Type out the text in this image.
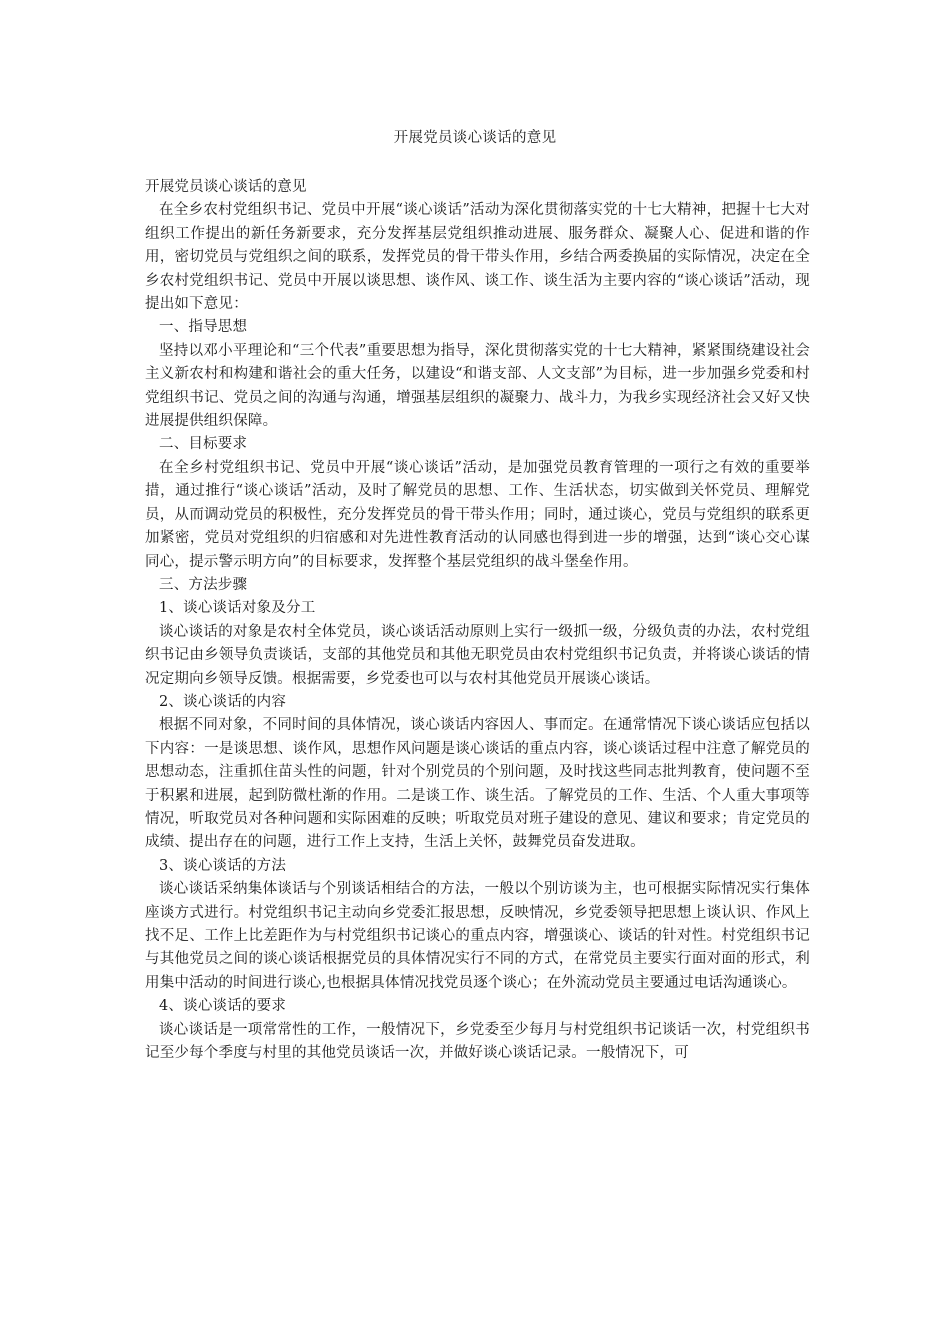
开展党员谈心谈话的意见

开展党员谈心谈话的意见

在全乡农村党组织书记、党员中开展“谈心谈话”活动为深化贯彻落实党的十七大精神，把握十七大对组织工作提出的新任务新要求，充分发挥基层党组织推动进展、服务群众、凝聚人心、促进和谐的作用，密切党员与党组织之间的联系，发挥党员的骨干带头作用，乡结合两委换届的实际情况，决定在全乡农村党组织书记、党员中开展以谈思想、谈作风、谈工作、谈生活为主要内容的“谈心谈话”活动，现提出如下意见：

一、指导思想

坚持以邓小平理论和“三个代表”重要思想为指导，深化贯彻落实党的十七大精神，紧紧围绕建设社会主义新农村和构建和谐社会的重大任务，以建设“和谐支部、人文支部”为目标，进一步加强乡党委和村党组织书记、党员之间的沟通与沟通，增强基层组织的凝聚力、战斗力，为我乡实现经济社会又好又快进展提供组织保障。

二、目标要求

在全乡村党组织书记、党员中开展“谈心谈话”活动，是加强党员教育管理的一项行之有效的重要举措，通过推行“谈心谈话”活动，及时了解党员的思想、工作、生活状态，切实做到关怀党员、理解党员，从而调动党员的积极性，充分发挥党员的骨干带头作用；同时，通过谈心，党员与党组织的联系更加紧密，党员对党组织的归宿感和对先进性教育活动的认同感也得到进一步的增强，达到“谈心交心谋同心，提示警示明方向”的目标要求，发挥整个基层党组织的战斗堡垒作用。

三、方法步骤

1、谈心谈话对象及分工

谈心谈话的对象是农村全体党员，谈心谈话活动原则上实行一级抓一级，分级负责的办法，农村党组织书记由乡领导负责谈话，支部的其他党员和其他无职党员由农村党组织书记负责，并将谈心谈话的情况定期向乡领导反馈。根据需要，乡党委也可以与农村其他党员开展谈心谈话。

2、谈心谈话的内容

根据不同对象，不同时间的具体情况，谈心谈话内容因人、事而定。在通常情况下谈心谈话应包括以下内容：一是谈思想、谈作风，思想作风问题是谈心谈话的重点内容，谈心谈话过程中注意了解党员的思想动态，注重抓住苗头性的问题，针对个别党员的个别问题，及时找这些同志批判教育，使问题不至于积累和进展，起到防微杜渐的作用。二是谈工作、谈生活。了解党员的工作、生活、个人重大事项等情况，听取党员对各种问题和实际困难的反映；听取党员对班子建设的意见、建议和要求；肯定党员的成绩、提出存在的问题，进行工作上支持，生活上关怀，鼓舞党员奋发进取。

3、谈心谈话的方法

谈心谈话采纳集体谈话与个别谈话相结合的方法，一般以个别访谈为主，也可根据实际情况实行集体座谈方式进行。村党组织书记主动向乡党委汇报思想，反映情况，乡党委领导把思想上谈认识、作风上找不足、工作上比差距作为与村党组织书记谈心的重点内容，增强谈心、谈话的针对性。村党组织书记与其他党员之间的谈心谈话根据党员的具体情况实行不同的方式，在常党员主要实行面对面的形式，利用集中活动的时间进行谈心,也根据具体情况找党员逐个谈心；在外流动党员主要通过电话沟通谈心。

4、谈心谈话的要求

谈心谈话是一项常常性的工作，一般情况下，乡党委至少每月与村党组织书记谈话一次，村党组织书记至少每个季度与村里的其他党员谈话一次，并做好谈心谈话记录。一般情况下，可
